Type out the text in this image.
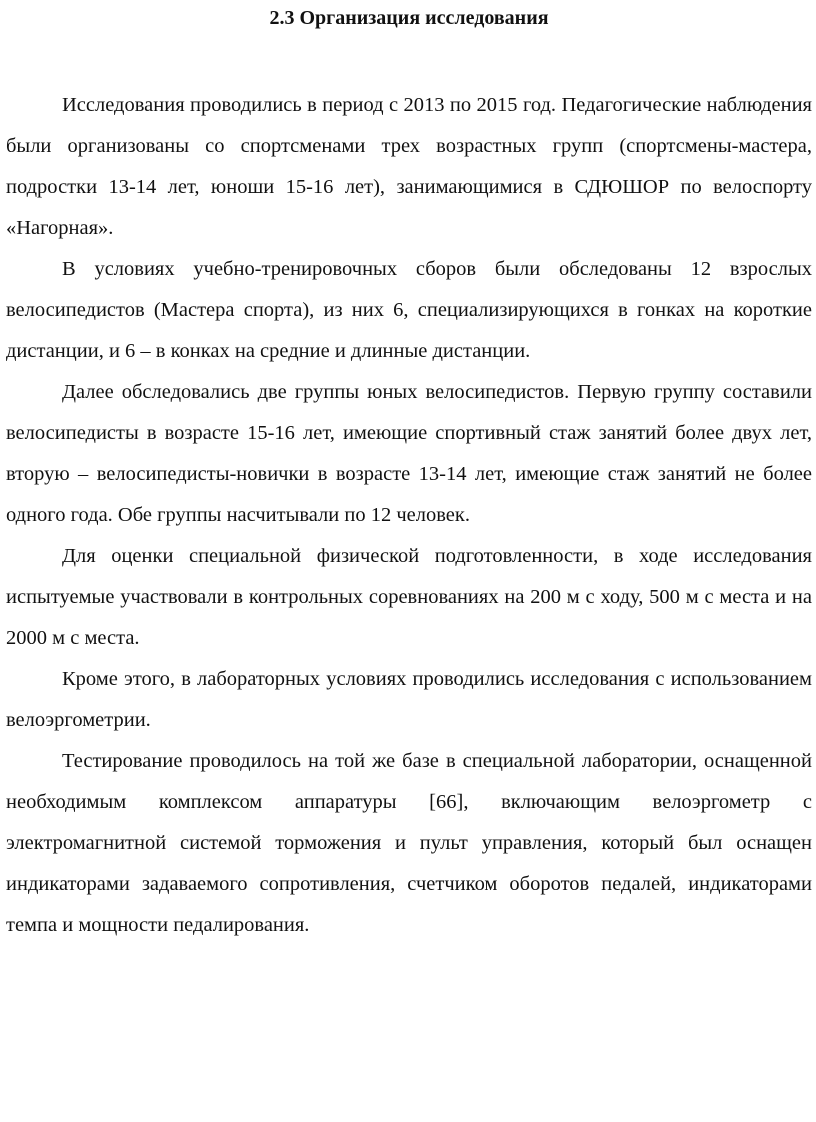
2.3 Организация исследования

Исследования проводились в период с 2013 по 2015 год. Педагогические наблюдения были организованы со спортсменами трех возрастных групп (спортсмены-мастера, подростки 13-14 лет, юноши 15-16 лет), занимающимися в СДЮШОР по велоспорту «Нагорная».

В условиях учебно-тренировочных сборов были обследованы 12 взрослых велосипедистов (Мастера спорта), из них 6, специализирующихся в гонках на короткие дистанции, и 6 – в конках на средние и длинные дистанции.

Далее обследовались две группы юных велосипедистов. Первую группу составили велосипедисты в возрасте 15-16 лет, имеющие спортивный стаж занятий более двух лет, вторую – велосипедисты-новички в возрасте 13-14 лет, имеющие стаж занятий не более одного года. Обе группы насчитывали по 12 человек.

Для оценки специальной физической подготовленности, в ходе исследования испытуемые участвовали в контрольных соревнованиях на 200 м с ходу, 500 м с места и на 2000 м с места.

Кроме этого, в лабораторных условиях проводились исследования с использованием велоэргометрии.

Тестирование проводилось на той же базе в специальной лаборатории, оснащенной необходимым комплексом аппаратуры [66], включающим велоэргометр с электромагнитной системой торможения и пульт управления, который был оснащен индикаторами задаваемого сопротивления, счетчиком оборотов педалей, индикаторами темпа и мощности педалирования.
